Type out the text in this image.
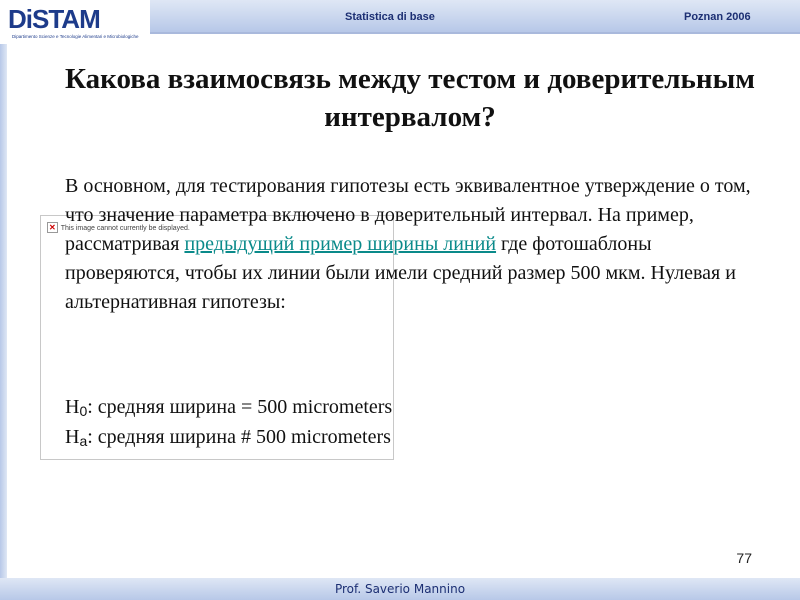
DiSTAM
Dipartimento Scienze e Tecnologie Alimentari e Microbiologiche
Statistica di base	Poznan 2006
Какова взаимосвязь между тестом и доверительным интервалом?
✕ This image cannot currently be displayed.
В основном, для тестирования гипотезы есть эквивалентное утверждение о том, что значение параметра включено в доверительный интервал. На пример, рассматривая предыдущий пример ширины линий где фотошаблоны проверяются, чтобы их линии были имели средний размер 500 мкм. Нулевая и альтернативная гипотезы:
$H_0$: средняя ширина = 500 micrometers
$H_a$: средняя ширина # 500 micrometers
77
Prof. Saverio Mannino
